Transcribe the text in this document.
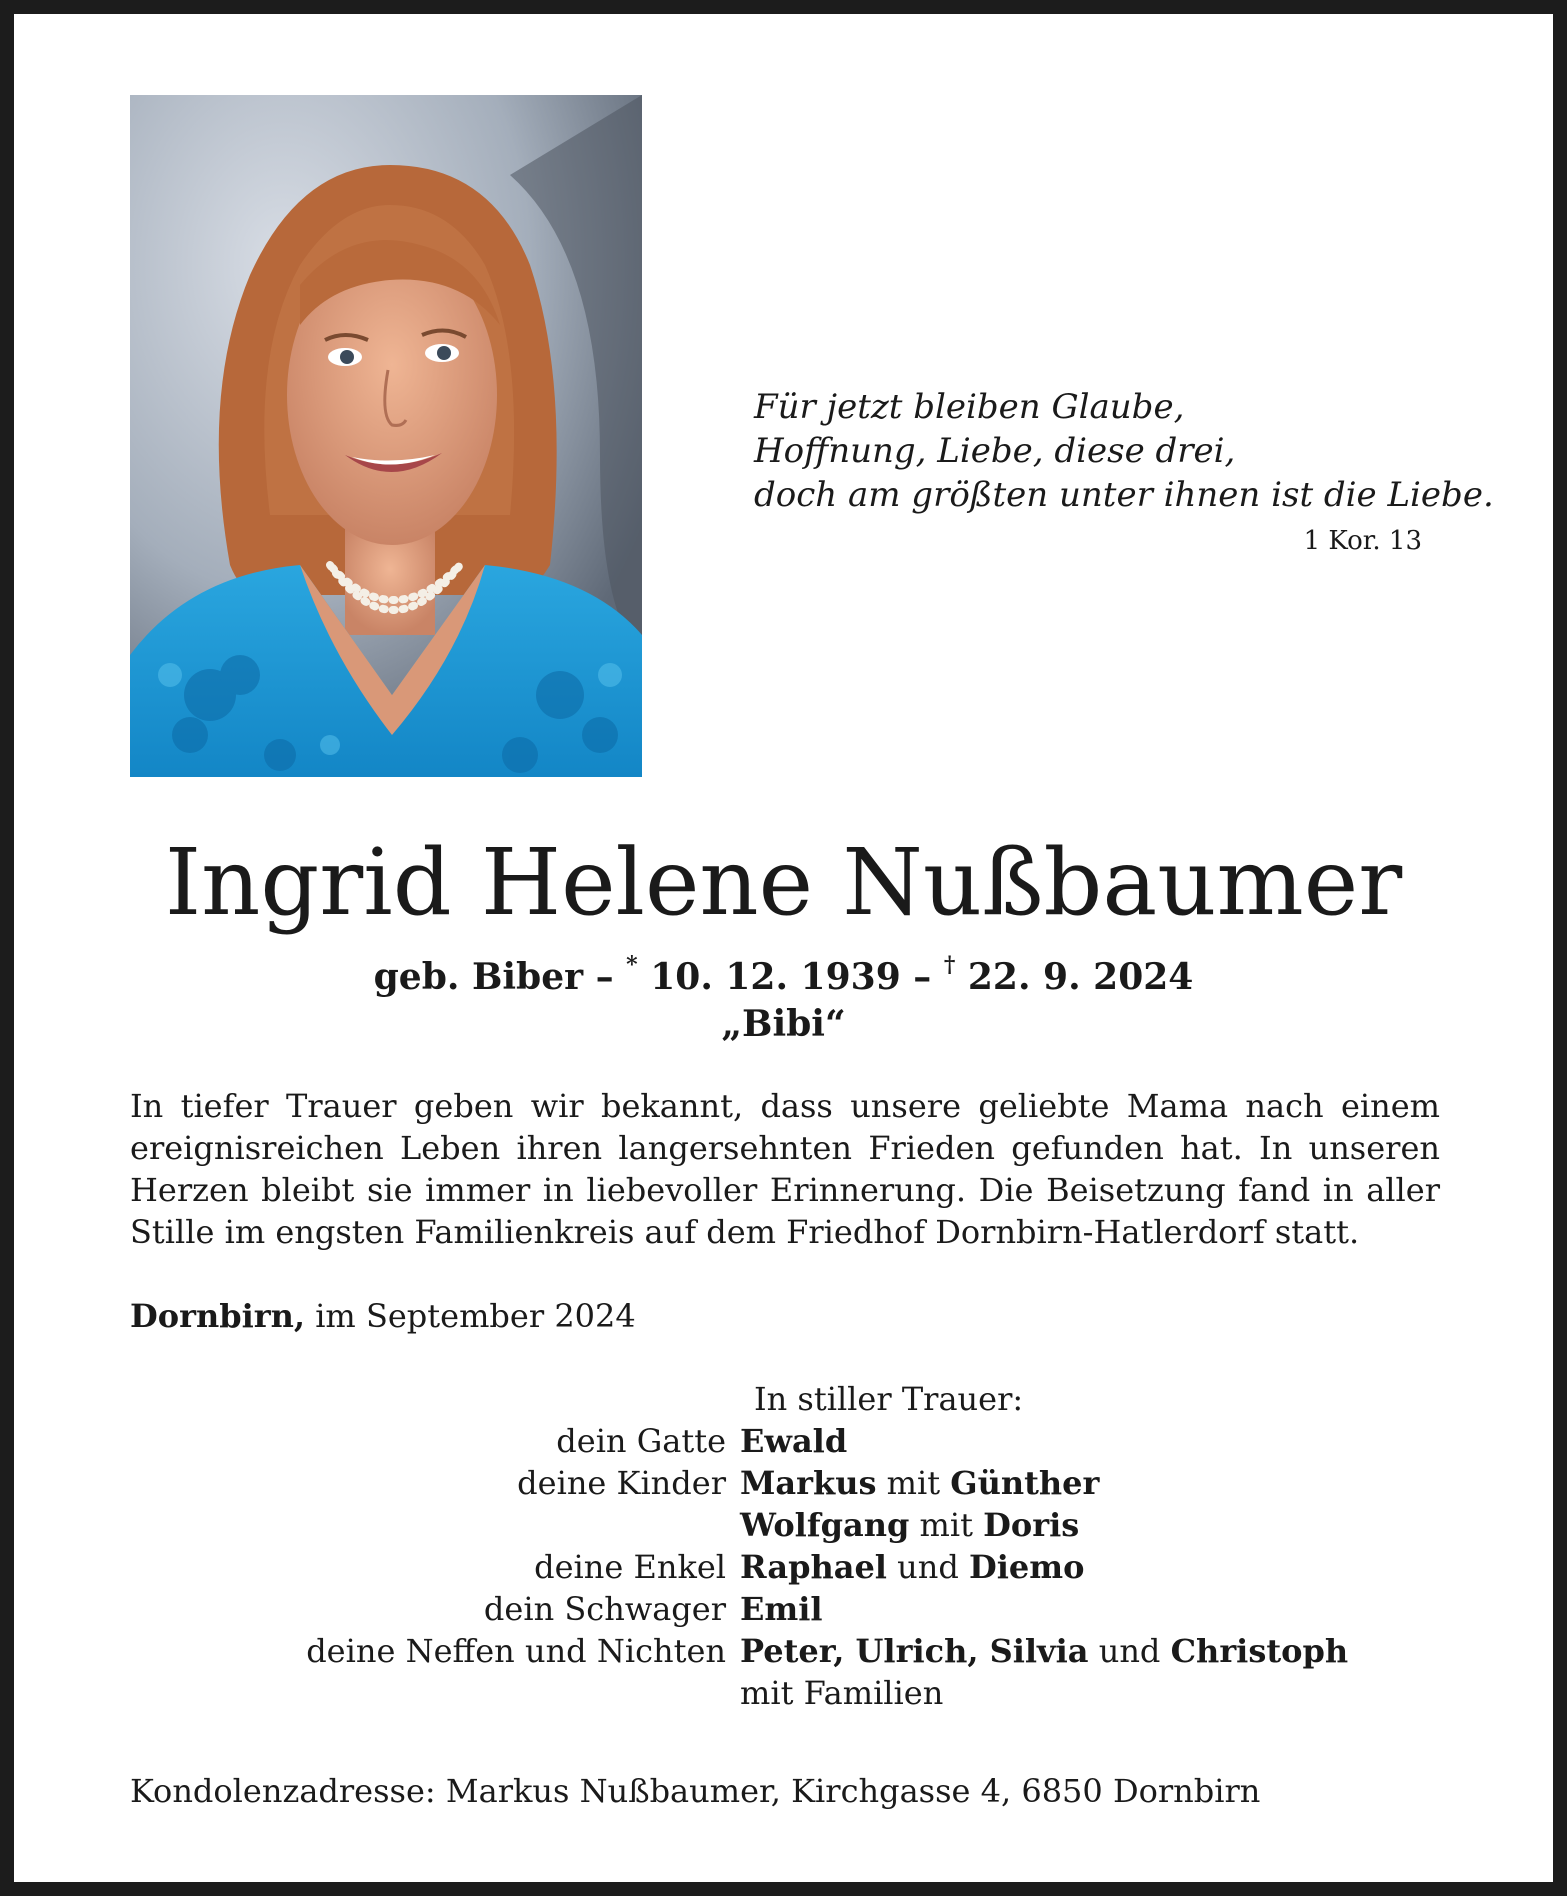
Für jetzt bleiben Glaube,
Hoffnung, Liebe, diese drei,
doch am größten unter ihnen ist die Liebe.
1 Kor. 13
Ingrid Helene Nußbaumer
geb. Biber – * 10. 12. 1939 – † 22. 9. 2024
„Bibi“
In tiefer Trauer geben wir bekannt, dass unsere geliebte Mama nach einem ereignisreichen Leben ihren langersehnten Frieden gefunden hat. In unseren Herzen bleibt sie immer in liebevoller Erinnerung. Die Beisetzung fand in aller Stille im engsten Familienkreis auf dem Friedhof Dornbirn-Hatlerdorf statt.
Dornbirn, im September 2024
In stiller Trauer:
dein Gatte Ewald
deine Kinder Markus mit Günther
Wolfgang mit Doris
deine Enkel Raphael und Diemo
dein Schwager Emil
deine Neffen und Nichten Peter, Ulrich, Silvia und Christoph
mit Familien
Kondolenzadresse: Markus Nußbaumer, Kirchgasse 4, 6850 Dornbirn
